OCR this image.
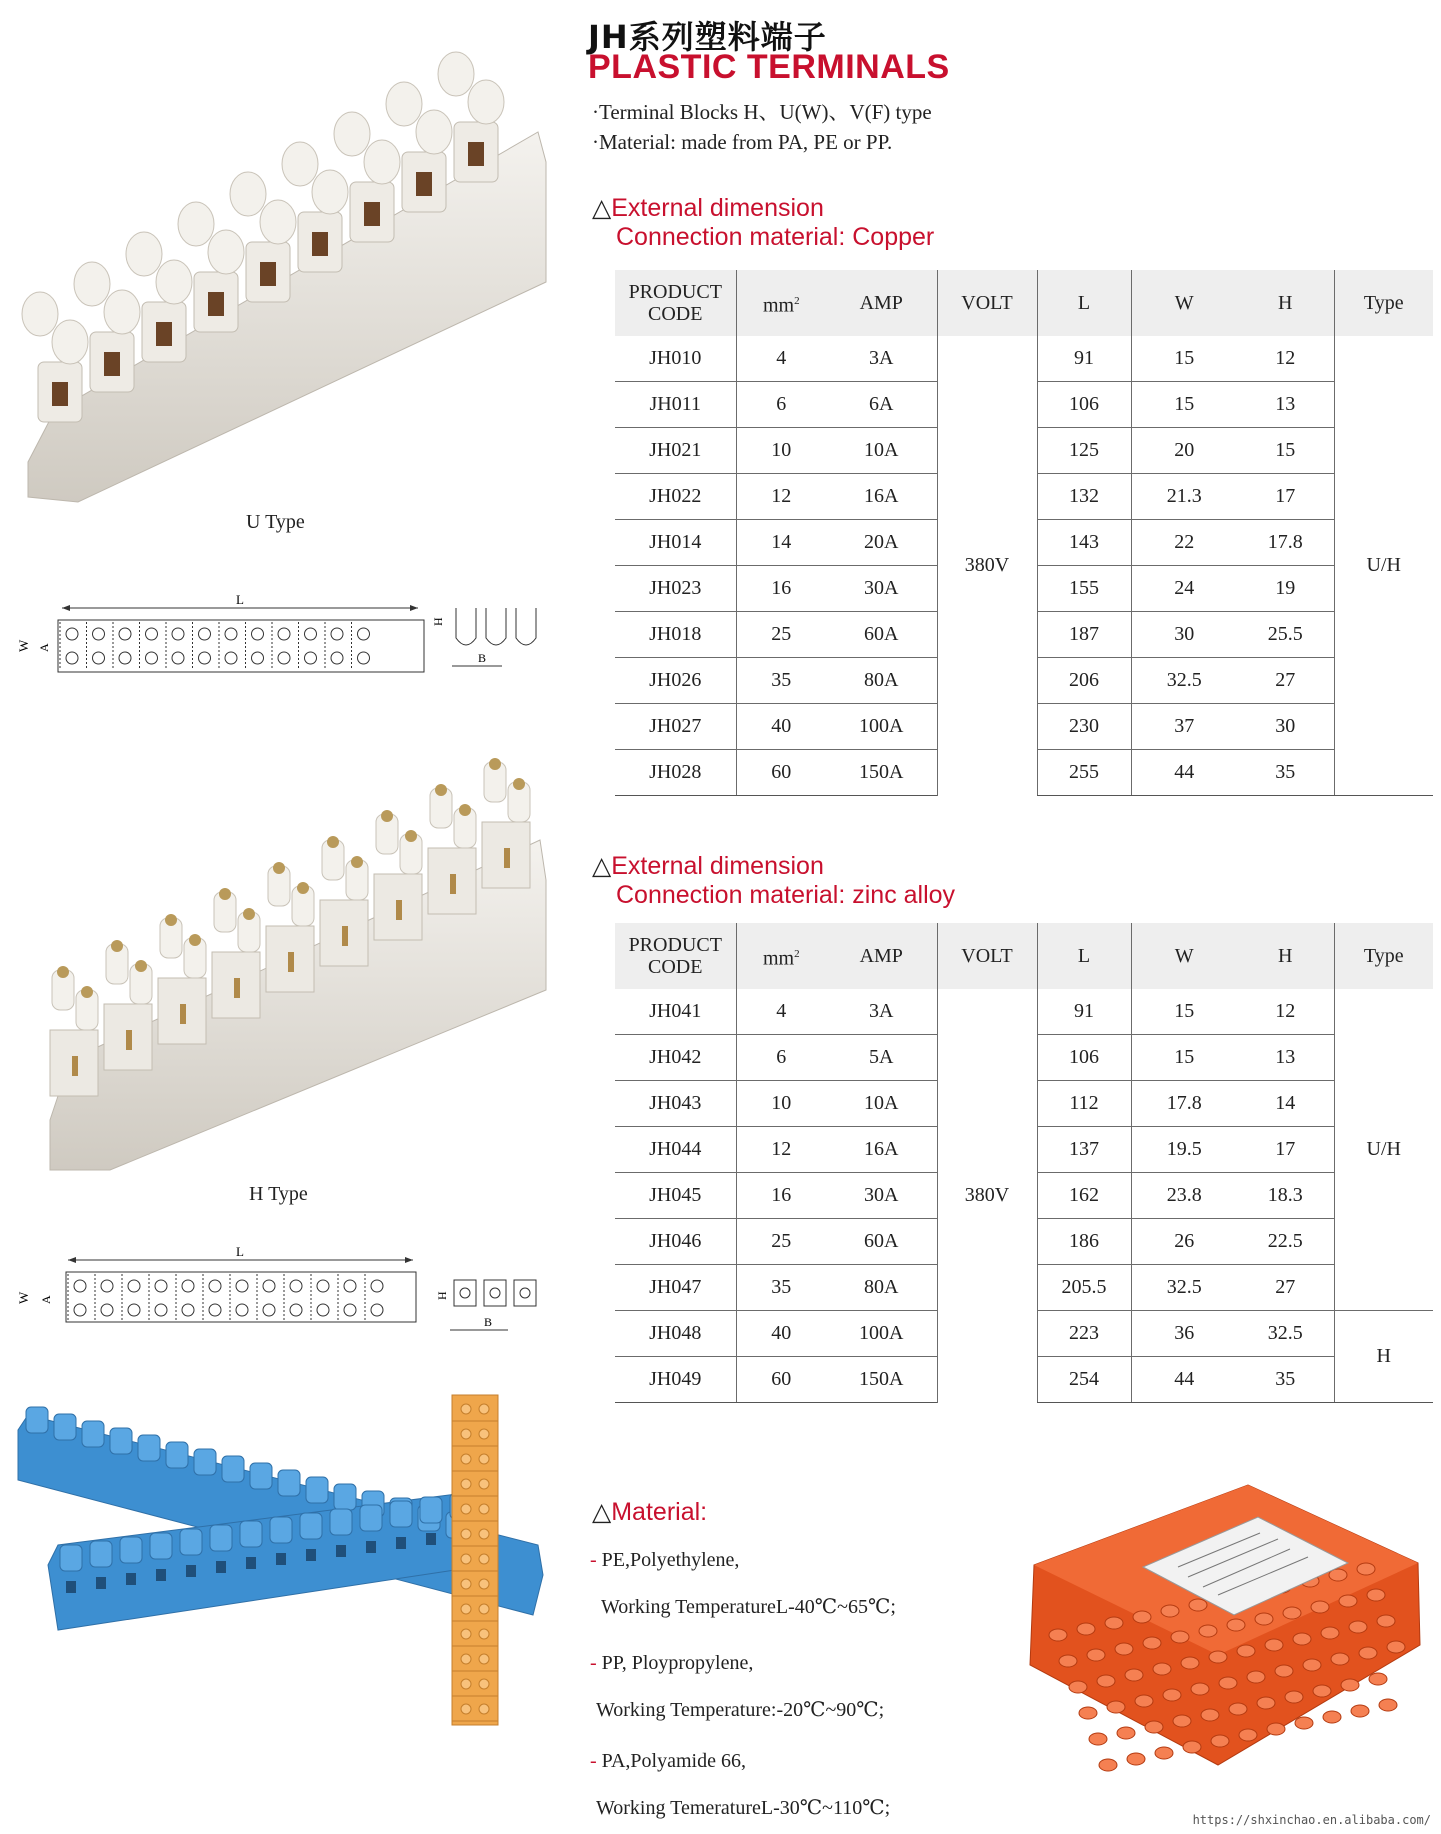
JH系列塑料端子
PLASTIC TERMINALS
·Terminal Blocks H、U(W)、V(F) type
·Material: made from PA, PE or PP.
△External dimension
Connection material: Copper
PRODUCT
CODE	$mm^2$	AMP	VOLT	L	W	H	Type
JH010	4	3A	380V	91	15	12	U/H
JH011	6	6A		106	15	13	
JH021	10	10A		125	20	15	
JH022	12	16A		132	21.3	17	
JH014	14	20A		143	22	17.8	
JH023	16	30A		155	24	19	
JH018	25	60A		187	30	25.5	
JH026	35	80A		206	32.5	27	
JH027	40	100A		230	37	30	
JH028	60	150A		255	44	35	
△External dimension
Connection material: zinc alloy
PRODUCT
CODE	$mm^2$	AMP	VOLT	L	W	H	Type
JH041	4	3A	380V	91	15	12	U/H
JH042	6	5A		106	15	13	
JH043	10	10A		112	17.8	14	
JH044	12	16A		137	19.5	17	
JH045	16	30A		162	23.8	18.3	
JH046	25	60A		186	26	22.5	
JH047	35	80A		205.5	32.5	27	
JH048	40	100A		223	36	32.5	H
JH049	60	150A		254	44	35	
△Material:
- PE,Polyethylene,
Working TemperatureL-40℃~65℃;
- PP, Ploypropylene,
Working Temperature:-20℃~90℃;
- PA,Polyamide 66,
Working TemeratureL-30℃~110℃;
U Type
L
W A
H
B
H Type
L
W A	H
B
https://shxinchao.en.alibaba.com/
